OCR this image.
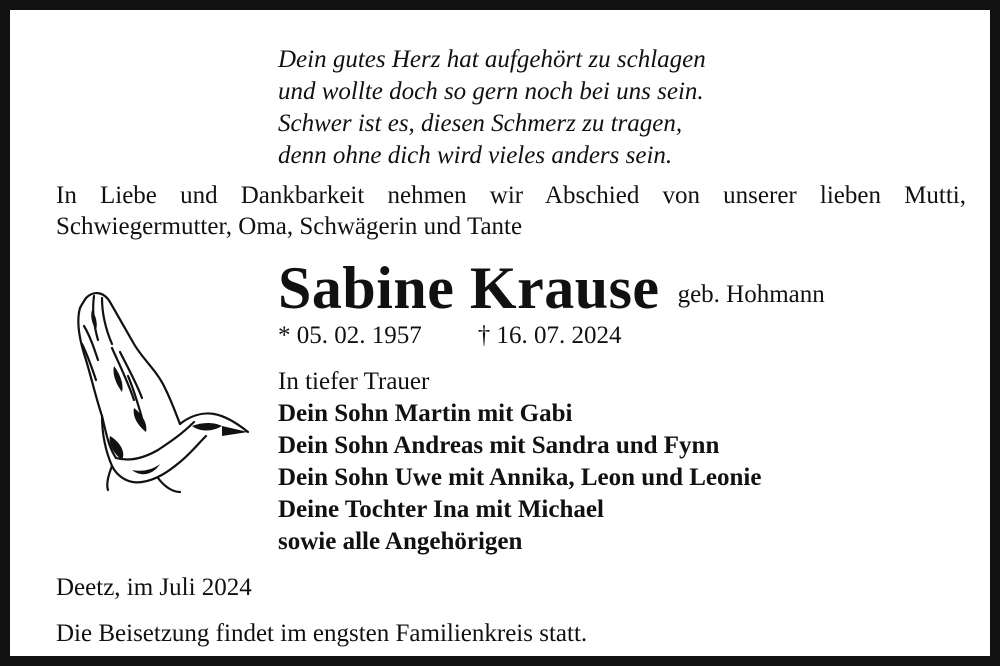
Dein gutes Herz hat aufgehört zu schlagen
und wollte doch so gern noch bei uns sein.
Schwer ist es, diesen Schmerz zu tragen,
denn ohne dich wird vieles anders sein.
In Liebe und Dankbarkeit nehmen wir Abschied von unserer lieben Mutti, Schwiegermutter, Oma, Schwägerin und Tante
Sabine Krause geb. Hohmann
* 05. 02. 1957 † 16. 07. 2024
In tiefer Trauer
Dein Sohn Martin mit Gabi
Dein Sohn Andreas mit Sandra und Fynn
Dein Sohn Uwe mit Annika, Leon und Leonie
Deine Tochter Ina mit Michael
sowie alle Angehörigen
Deetz, im Juli 2024
Die Beisetzung findet im engsten Familienkreis statt.
